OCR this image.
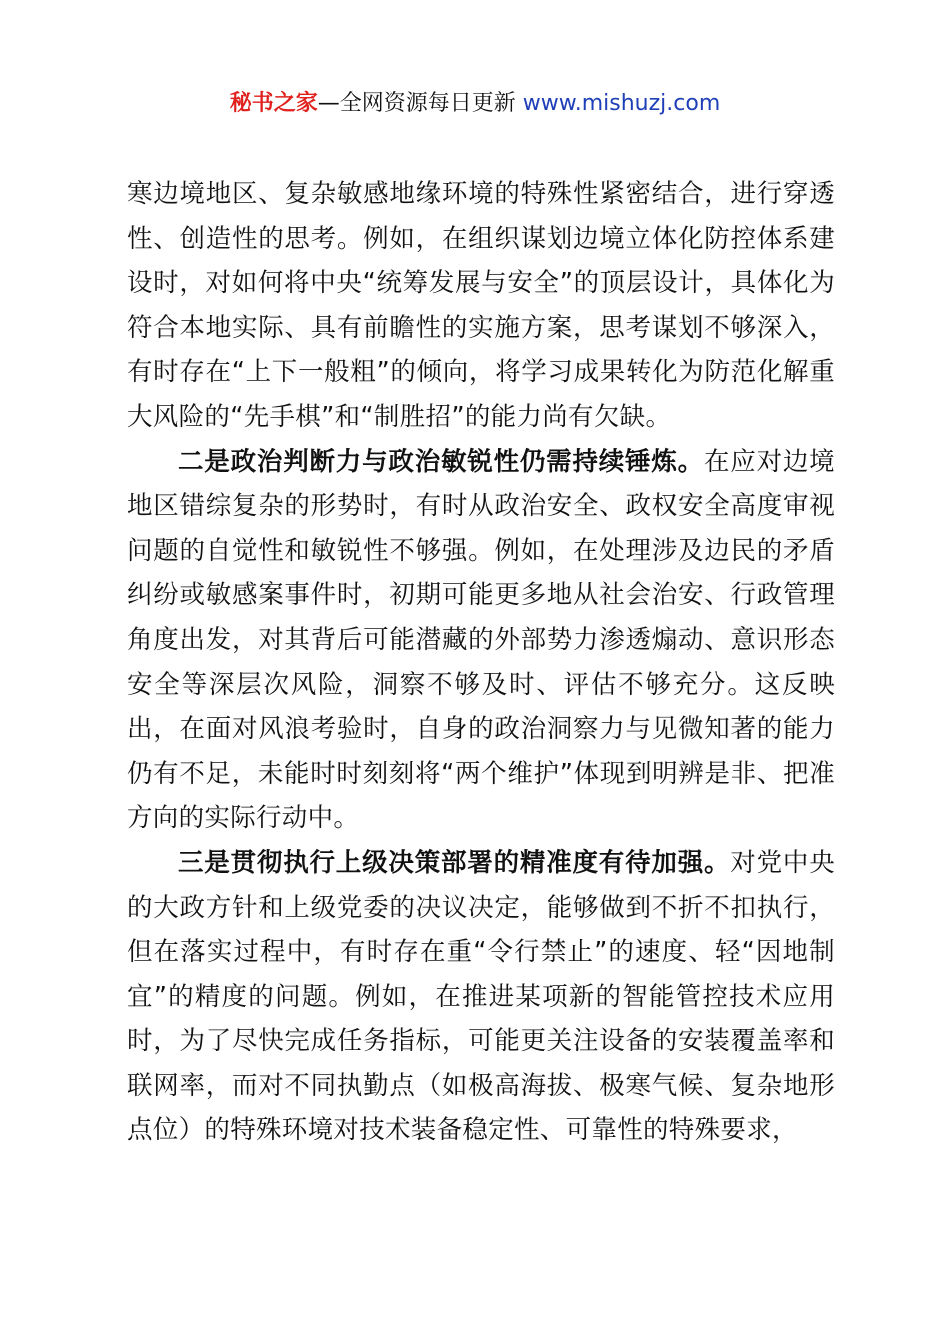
秘书之家—全网资源每日更新 www.mishuzj.com

寒边境地区、复杂敏感地缘环境的特殊性紧密结合，进行穿透性、创造性的思考。例如，在组织谋划边境立体化防控体系建设时，对如何将中央“统筹发展与安全”的顶层设计，具体化为符合本地实际、具有前瞻性的实施方案，思考谋划不够深入，有时存在“上下一般粗”的倾向，将学习成果转化为防范化解重大风险的“先手棋”和“制胜招”的能力尚有欠缺。

二是政治判断力与政治敏锐性仍需持续锤炼。在应对边境地区错综复杂的形势时，有时从政治安全、政权安全高度审视问题的自觉性和敏锐性不够强。例如，在处理涉及边民的矛盾纠纷或敏感案事件时，初期可能更多地从社会治安、行政管理角度出发，对其背后可能潜藏的外部势力渗透煽动、意识形态安全等深层次风险，洞察不够及时、评估不够充分。这反映出，在面对风浪考验时，自身的政治洞察力与见微知著的能力仍有不足，未能时时刻刻将“两个维护”体现到明辨是非、把准方向的实际行动中。

三是贯彻执行上级决策部署的精准度有待加强。对党中央的大政方针和上级党委的决议决定，能够做到不折不扣执行，但在落实过程中，有时存在重“令行禁止”的速度、轻“因地制宜”的精度的问题。例如，在推进某项新的智能管控技术应用时，为了尽快完成任务指标，可能更关注设备的安装覆盖率和联网率，而对不同执勤点（如极高海拔、极寒气候、复杂地形点位）的特殊环境对技术装备稳定性、可靠性的特殊要求，
